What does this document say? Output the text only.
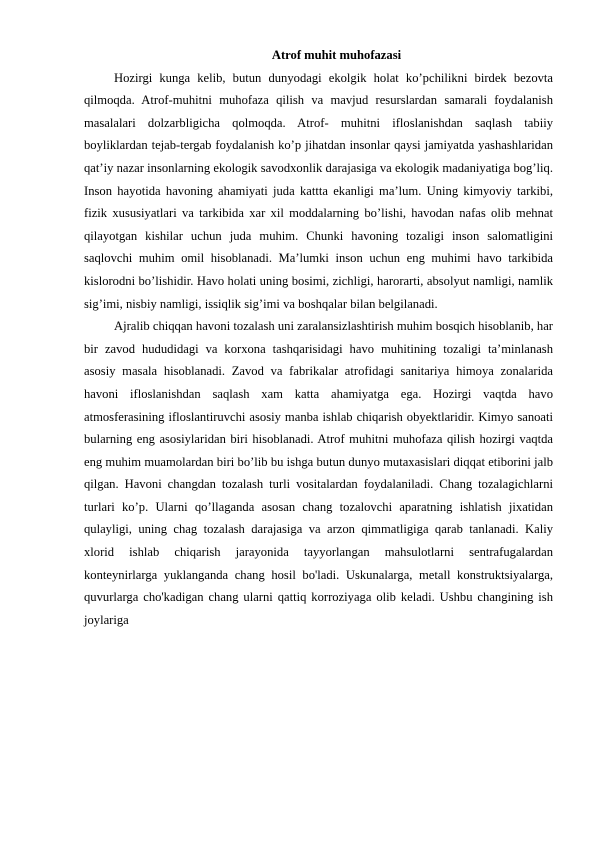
Atrof muhit muhofazasi

Hozirgi kunga kelib, butun dunyodagi ekolgik holat ko’pchilikni birdek bezovta qilmoqda. Atrof-muhitni muhofaza qilish va mavjud resurslardan samarali foydalanish masalalari dolzarbligicha qolmoqda. Atrof- muhitni ifloslanishdan saqlash tabiiy boyliklardan tejab-tergab foydalanish ko’p jihatdan insonlar qaysi jamiyatda yashashlaridan qat’iy nazar insonlarning ekologik savodxonlik darajasiga va ekologik madaniyatiga bog’liq. Inson hayotida havoning ahamiyati juda kattta ekanligi ma’lum. Uning kimyoviy tarkibi, fizik xususiyatlari va tarkibida xar xil moddalarning bo’lishi, havodan nafas olib mehnat qilayotgan kishilar uchun juda muhim. Chunki havoning tozaligi inson salomatligini saqlovchi muhim omil hisoblanadi. Ma’lumki inson uchun eng muhimi havo tarkibida kislorodni bo’lishidir. Havo holati uning bosimi, zichligi, harorarti, absolyut namligi, namlik sig’imi, nisbiy namligi, issiqlik sig’imi va boshqalar bilan belgilanadi.

Ajralib chiqqan havoni tozalash uni zaralansizlashtirish muhim bosqich hisoblanib, har bir zavod hududidagi va korxona tashqarisidagi havo muhitining tozaligi ta’minlanash asosiy masala hisoblanadi. Zavod va fabrikalar atrofidagi sanitariya himoya zonalarida havoni ifloslanishdan saqlash xam katta ahamiyatga ega. Hozirgi vaqtda havo atmosferasining ifloslantiruvchi asosiy manba ishlab chiqarish obyektlaridir. Kimyo sanoati bularning eng asosiylaridan biri hisoblanadi. Atrof muhitni muhofaza qilish hozirgi vaqtda eng muhim muamolardan biri bo’lib bu ishga butun dunyo mutaxasislari diqqat etiborini jalb qilgan. Havoni changdan tozalash turli vositalardan foydalaniladi. Chang tozalagichlarni turlari ko’p. Ularni qo’llaganda asosan chang tozalovchi aparatning ishlatish jixatidan qulayligi, uning chag tozalash darajasiga va arzon qimmatligiga qarab tanlanadi. Kaliy xlorid ishlab chiqarish jarayonida tayyorlangan mahsulotlarni sentrafugalardan konteynirlarga yuklanganda chang hosil bo'ladi. Uskunalarga, metall konstruktsiyalarga, quvurlarga cho'kadigan chang ularni qattiq korroziyaga olib keladi. Ushbu changining ish joylariga
